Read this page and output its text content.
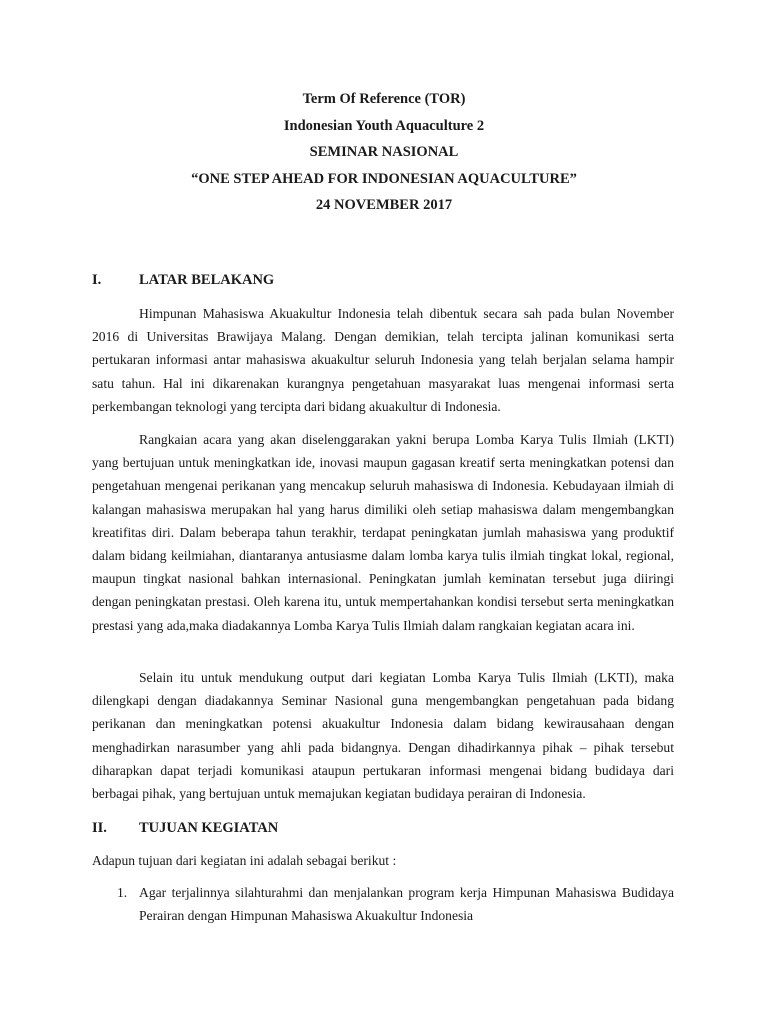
Term Of Reference (TOR)
Indonesian Youth Aquaculture 2
SEMINAR NASIONAL
“ONE STEP AHEAD FOR INDONESIAN AQUACULTURE”
24 NOVEMBER 2017
I.	LATAR BELAKANG

Himpunan Mahasiswa Akuakultur Indonesia telah dibentuk secara sah pada bulan November 2016 di Universitas Brawijaya Malang. Dengan demikian, telah tercipta jalinan komunikasi serta pertukaran informasi antar mahasiswa akuakultur seluruh Indonesia yang telah berjalan selama hampir satu tahun. Hal ini dikarenakan kurangnya pengetahuan masyarakat luas mengenai informasi serta perkembangan teknologi yang tercipta dari bidang akuakultur di Indonesia.

Rangkaian acara yang akan diselenggarakan yakni berupa Lomba Karya Tulis Ilmiah (LKTI) yang bertujuan untuk meningkatkan ide, inovasi maupun gagasan kreatif serta meningkatkan potensi dan pengetahuan mengenai perikanan yang mencakup seluruh mahasiswa di Indonesia. Kebudayaan ilmiah di kalangan mahasiswa merupakan hal yang harus dimiliki oleh setiap mahasiswa dalam mengembangkan kreatifitas diri. Dalam beberapa tahun terakhir, terdapat peningkatan jumlah mahasiswa yang produktif dalam bidang keilmiahan, diantaranya antusiasme dalam lomba karya tulis ilmiah tingkat lokal, regional, maupun tingkat nasional bahkan internasional. Peningkatan jumlah keminatan tersebut juga diiringi dengan peningkatan prestasi. Oleh karena itu, untuk mempertahankan kondisi tersebut serta meningkatkan prestasi yang ada,maka diadakannya Lomba Karya Tulis Ilmiah dalam rangkaian kegiatan acara ini.

Selain itu untuk mendukung output dari kegiatan Lomba Karya Tulis Ilmiah (LKTI), maka dilengkapi dengan diadakannya Seminar Nasional guna mengembangkan pengetahuan pada bidang perikanan dan meningkatkan potensi akuakultur Indonesia dalam bidang kewirausahaan dengan menghadirkan narasumber yang ahli pada bidangnya. Dengan dihadirkannya pihak – pihak tersebut diharapkan dapat terjadi komunikasi ataupun pertukaran informasi mengenai bidang budidaya dari berbagai pihak, yang bertujuan untuk memajukan kegiatan budidaya perairan di Indonesia.

II. TUJUAN KEGIATAN

Adapun tujuan dari kegiatan ini adalah sebagai berikut :

1. Agar terjalinnya silahturahmi dan menjalankan program kerja Himpunan Mahasiswa Budidaya Perairan dengan Himpunan Mahasiswa Akuakultur Indonesia
